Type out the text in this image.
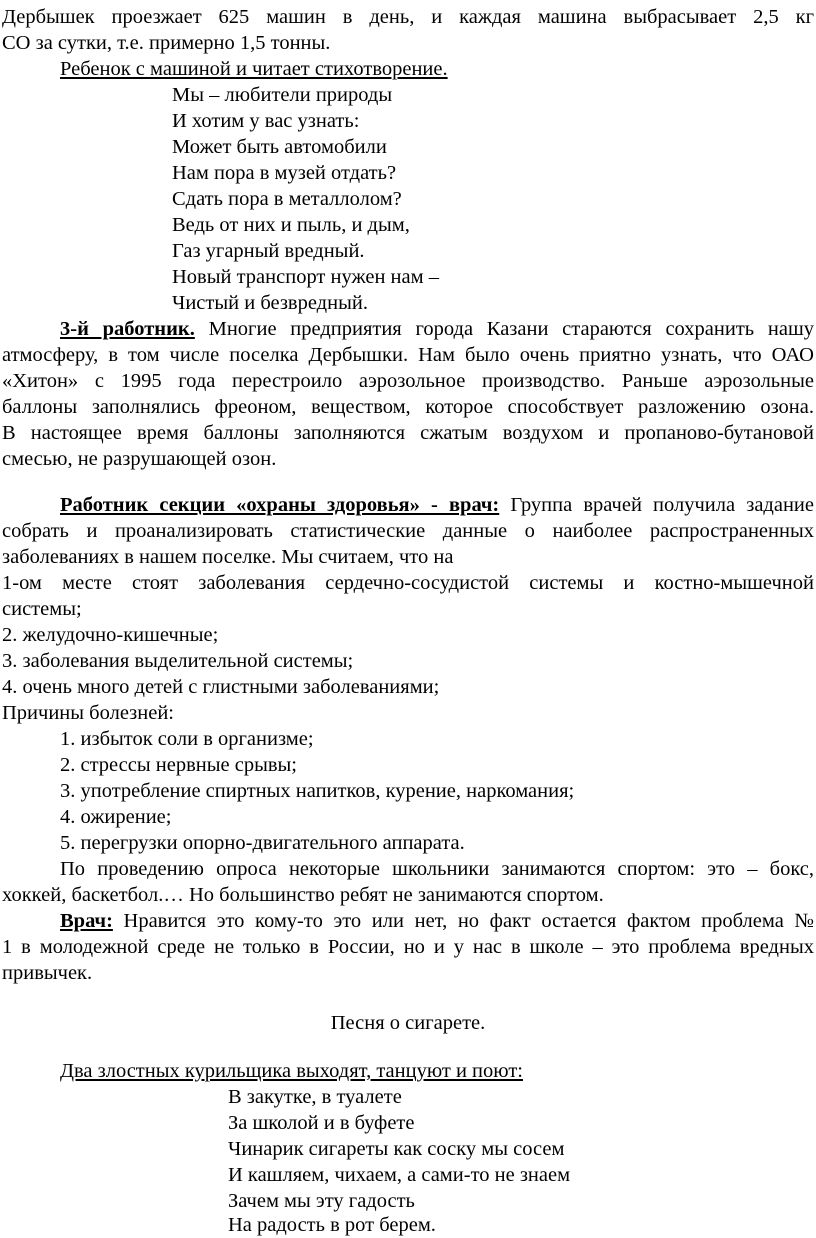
Дербышек проезжает 625 машин в день, и каждая машина выбрасывает 2,5 кг
СО за сутки, т.е. примерно 1,5 тонны.
Ребенок с машиной и читает стихотворение.
Мы – любители природы
И хотим у вас узнать:
Может быть автомобили
Нам пора в музей отдать?
Сдать пора в металлолом?
Ведь от них и пыль, и дым,
Газ угарный вредный.
Новый транспорт нужен нам –
Чистый и безвредный.
3-й работник. Многие предприятия города Казани стараются сохранить нашу
атмосферу, в том числе поселка Дербышки. Нам было очень приятно узнать, что ОАО
«Хитон» с 1995 года перестроило аэрозольное производство. Раньше аэрозольные
баллоны заполнялись фреоном, веществом, которое способствует разложению озона.
В настоящее время баллоны заполняются сжатым воздухом и пропаново-бутановой
смесью, не разрушающей озон.
Работник секции «охраны здоровья» - врач: Группа врачей получила задание
собрать и проанализировать статистические данные о наиболее распространенных
заболеваниях в нашем поселке. Мы считаем, что на
1-ом месте стоят заболевания сердечно-сосудистой системы и костно-мышечной
системы;
2. желудочно-кишечные;
3. заболевания выделительной системы;
4. очень много детей с глистными заболеваниями;
Причины болезней:
1. избыток соли в организме;
2. стрессы нервные срывы;
3. употребление спиртных напитков, курение, наркомания;
4. ожирение;
5. перегрузки опорно-двигательного аппарата.
По проведению опроса некоторые школьники занимаются спортом: это – бокс,
хоккей, баскетбол.… Но большинство ребят не занимаются спортом.
Врач: Нравится это кому-то это или нет, но факт остается фактом проблема №
1 в молодежной среде не только в России, но и у нас в школе – это проблема вредных
привычек.
Песня о сигарете.
Два злостных курильщика выходят, танцуют и поют:
В закутке, в туалете
За школой и в буфете
Чинарик сигареты как соску мы сосем
И кашляем, чихаем, а сами-то не знаем
Зачем мы эту гадость
На радость в рот берем.
